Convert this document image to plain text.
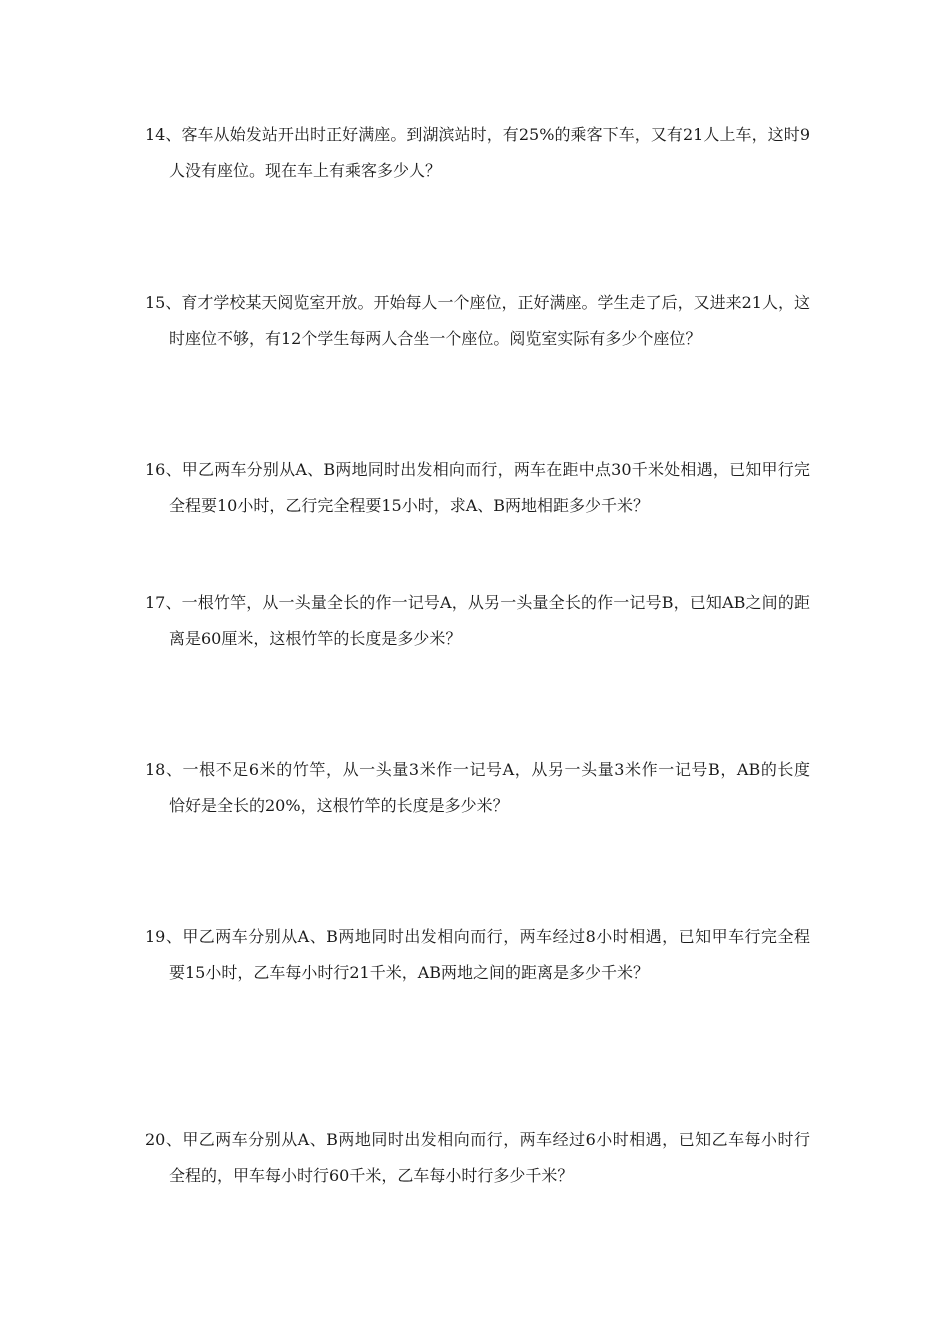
14、客车从始发站开出时正好满座。到湖滨站时，有25%的乘客下车，又有21人上车，这时9
人没有座位。现在车上有乘客多少人？
15、育才学校某天阅览室开放。开始每人一个座位，正好满座。学生走了后，又进来21人，这
时座位不够，有12个学生每两人合坐一个座位。阅览室实际有多少个座位？
16、甲乙两车分别从A、B两地同时出发相向而行，两车在距中点30千米处相遇，已知甲行完
全程要10小时，乙行完全程要15小时，求A、B两地相距多少千米？
17、一根竹竿，从一头量全长的作一记号A，从另一头量全长的作一记号B，已知AB之间的距
离是60厘米，这根竹竿的长度是多少米？
18、一根不足6米的竹竿，从一头量3米作一记号A，从另一头量3米作一记号B，AB的长度
恰好是全长的20%，这根竹竿的长度是多少米？
19、甲乙两车分别从A、B两地同时出发相向而行，两车经过8小时相遇，已知甲车行完全程
要15小时，乙车每小时行21千米，AB两地之间的距离是多少千米？
20、甲乙两车分别从A、B两地同时出发相向而行，两车经过6小时相遇，已知乙车每小时行
全程的，甲车每小时行60千米，乙车每小时行多少千米？
